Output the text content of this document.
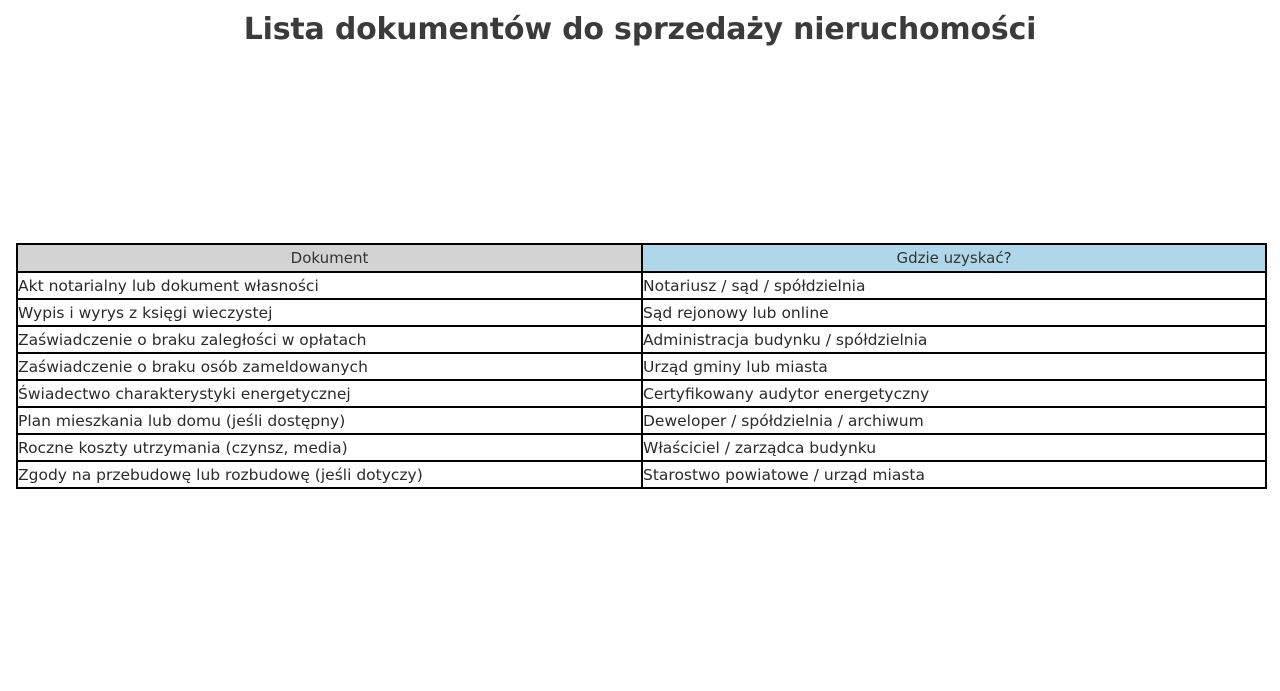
Lista dokumentów do sprzedaży nieruchomości
Dokument	Gdzie uzyskać?

Akt notarialny lub dokument własności	Notariusz / sąd / spółdzielnia

Wypis i wyrys z księgi wieczystej	Sąd rejonowy lub online

Zaświadczenie o braku zaległości w opłatach	Administracja budynku / spółdzielnia

Zaświadczenie o braku osób zameldowanych	Urząd gminy lub miasta

Świadectwo charakterystyki energetycznej	Certyfikowany audytor energetyczny

Plan mieszkania lub domu (jeśli dostępny)	Deweloper / spółdzielnia / archiwum

Roczne koszty utrzymania (czynsz, media)	Właściciel / zarządca budynku

Zgody na przebudowę lub rozbudowę (jeśli dotyczy)	Starostwo powiatowe / urząd miasta
